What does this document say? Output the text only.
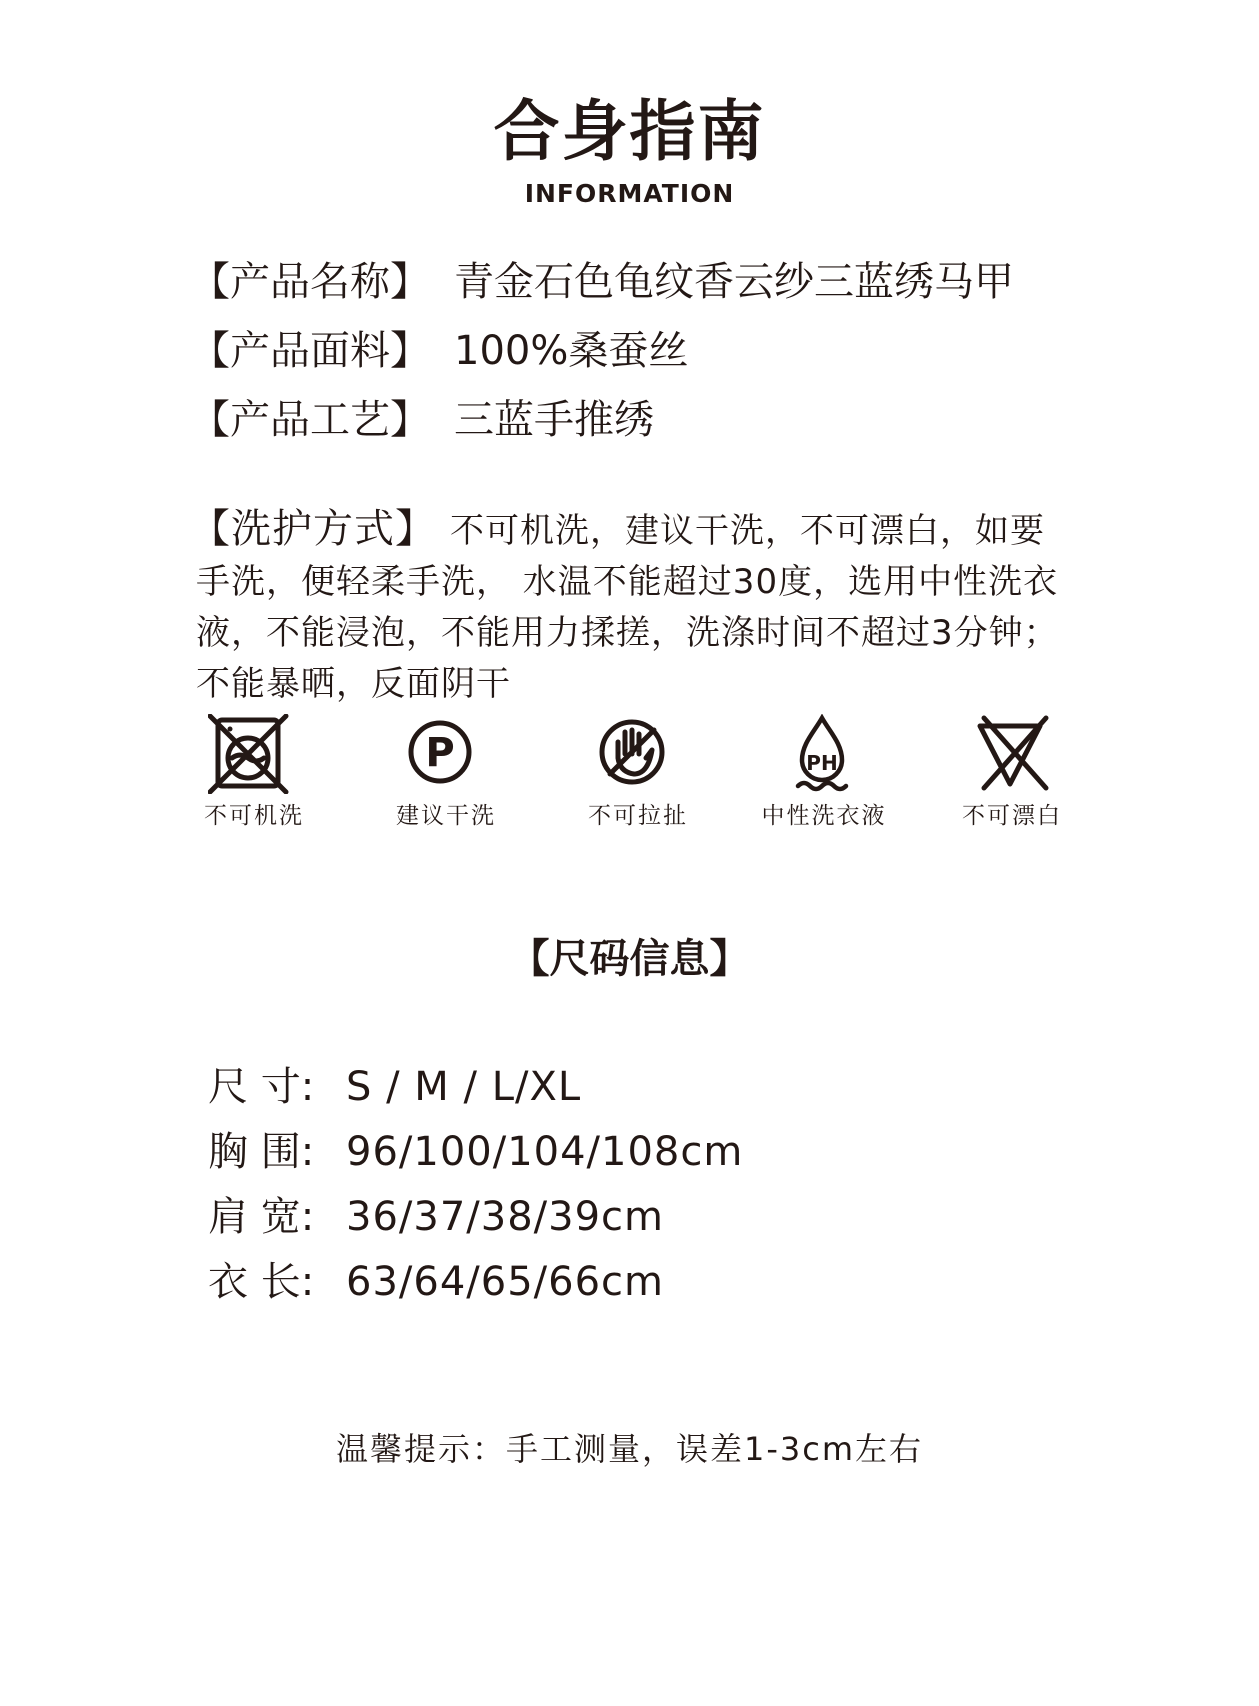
合身指南
INFORMATION
【产品名称】 青金石色龟纹香云纱三蓝绣马甲
【产品面料】 100%桑蚕丝
【产品工艺】 三蓝手推绣
【洗护方式】 不可机洗，建议干洗，不可漂白，如要手洗，便轻柔手洗， 水温不能超过30度，选用中性洗衣液，不能浸泡，不能用力揉搓，洗涤时间不超过3分钟；不能暴晒，反面阴干
P	PH
不可机洗	建议干洗	不可拉扯	中性洗衣液	不可漂白
【尺码信息】
尺 寸: S / M / L/XL
胸 围: 96/100/104/108cm
肩 宽: 36/37/38/39cm
衣 长: 63/64/65/66cm
温馨提示：手工测量，误差1-3cm左右
